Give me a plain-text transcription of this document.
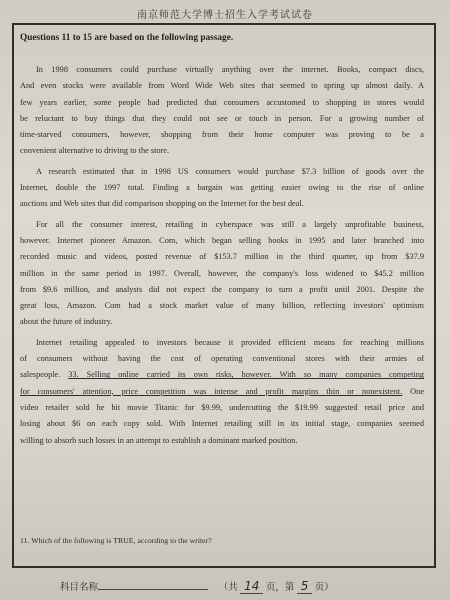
南京师范大学博士招生入学考试试卷
Questions 11 to 15 are based on the following passage.
In 1998 consumers could purchase virtually anything over the internet. Books, compact discs,
And even stocks were available from Word Wide Web sites that seemed to spring up almost daily. A
few years earlier, some people had predicted that consumers accustomed to shopping in stores would
be reluctant to buy things that they could not see or touch in person. For a growing number of
time-starved consumers, however, shopping from their home computer was proving to be a
convenient alternative to driving to the store.
A research estimated that in 1998 US consumers would purchase $7.3 billion of goods over the
Internet, double the 1997 total. Finding a bargain was getting easier owing to the rise of online
auctions and Web sites that did comparison shopping on the Internet for the best deal.
For all the consumer interest, retailing in cyberspace was still a largely unprofitable business,
however. Internet pioneer Amazon. Com, which began selling books in 1995 and later branched into
recorded music and videos, posted revenue of $153.7 million in the third quarter, up from $37.9
million in the same period in 1997. Overall, however, the company's loss widened to $45.2 million
from $9.6 million, and analysts did not expect the company to turn a profit until 2001. Despite the
great loss, Amazon. Com had a stock market value of many billion, reflecting investors' optimism
about the future of industry.
Internet retailing appealed to investors because it provided efficient means for reaching millions
of consumers without having the cost of operating conventional stores with their armies of
salespeople. 33. Selling online carried its own risks, however. With so many companies competing
for consumers' attention, price competition was intense and profit margins thin or nonexistent. One
video retailer sold he hit movie Titanic for $9.99, undercutting the $19.99 suggested retail price and
losing about $6 on each copy sold. With Internet retailing still in its initial stage, companies seemed
willing to absorb such losses in an attempt to establish a dominant marked position.
11. Which of the following is TRUE, according to the writer?
科目名称	（共 14 页，第 5 页）
